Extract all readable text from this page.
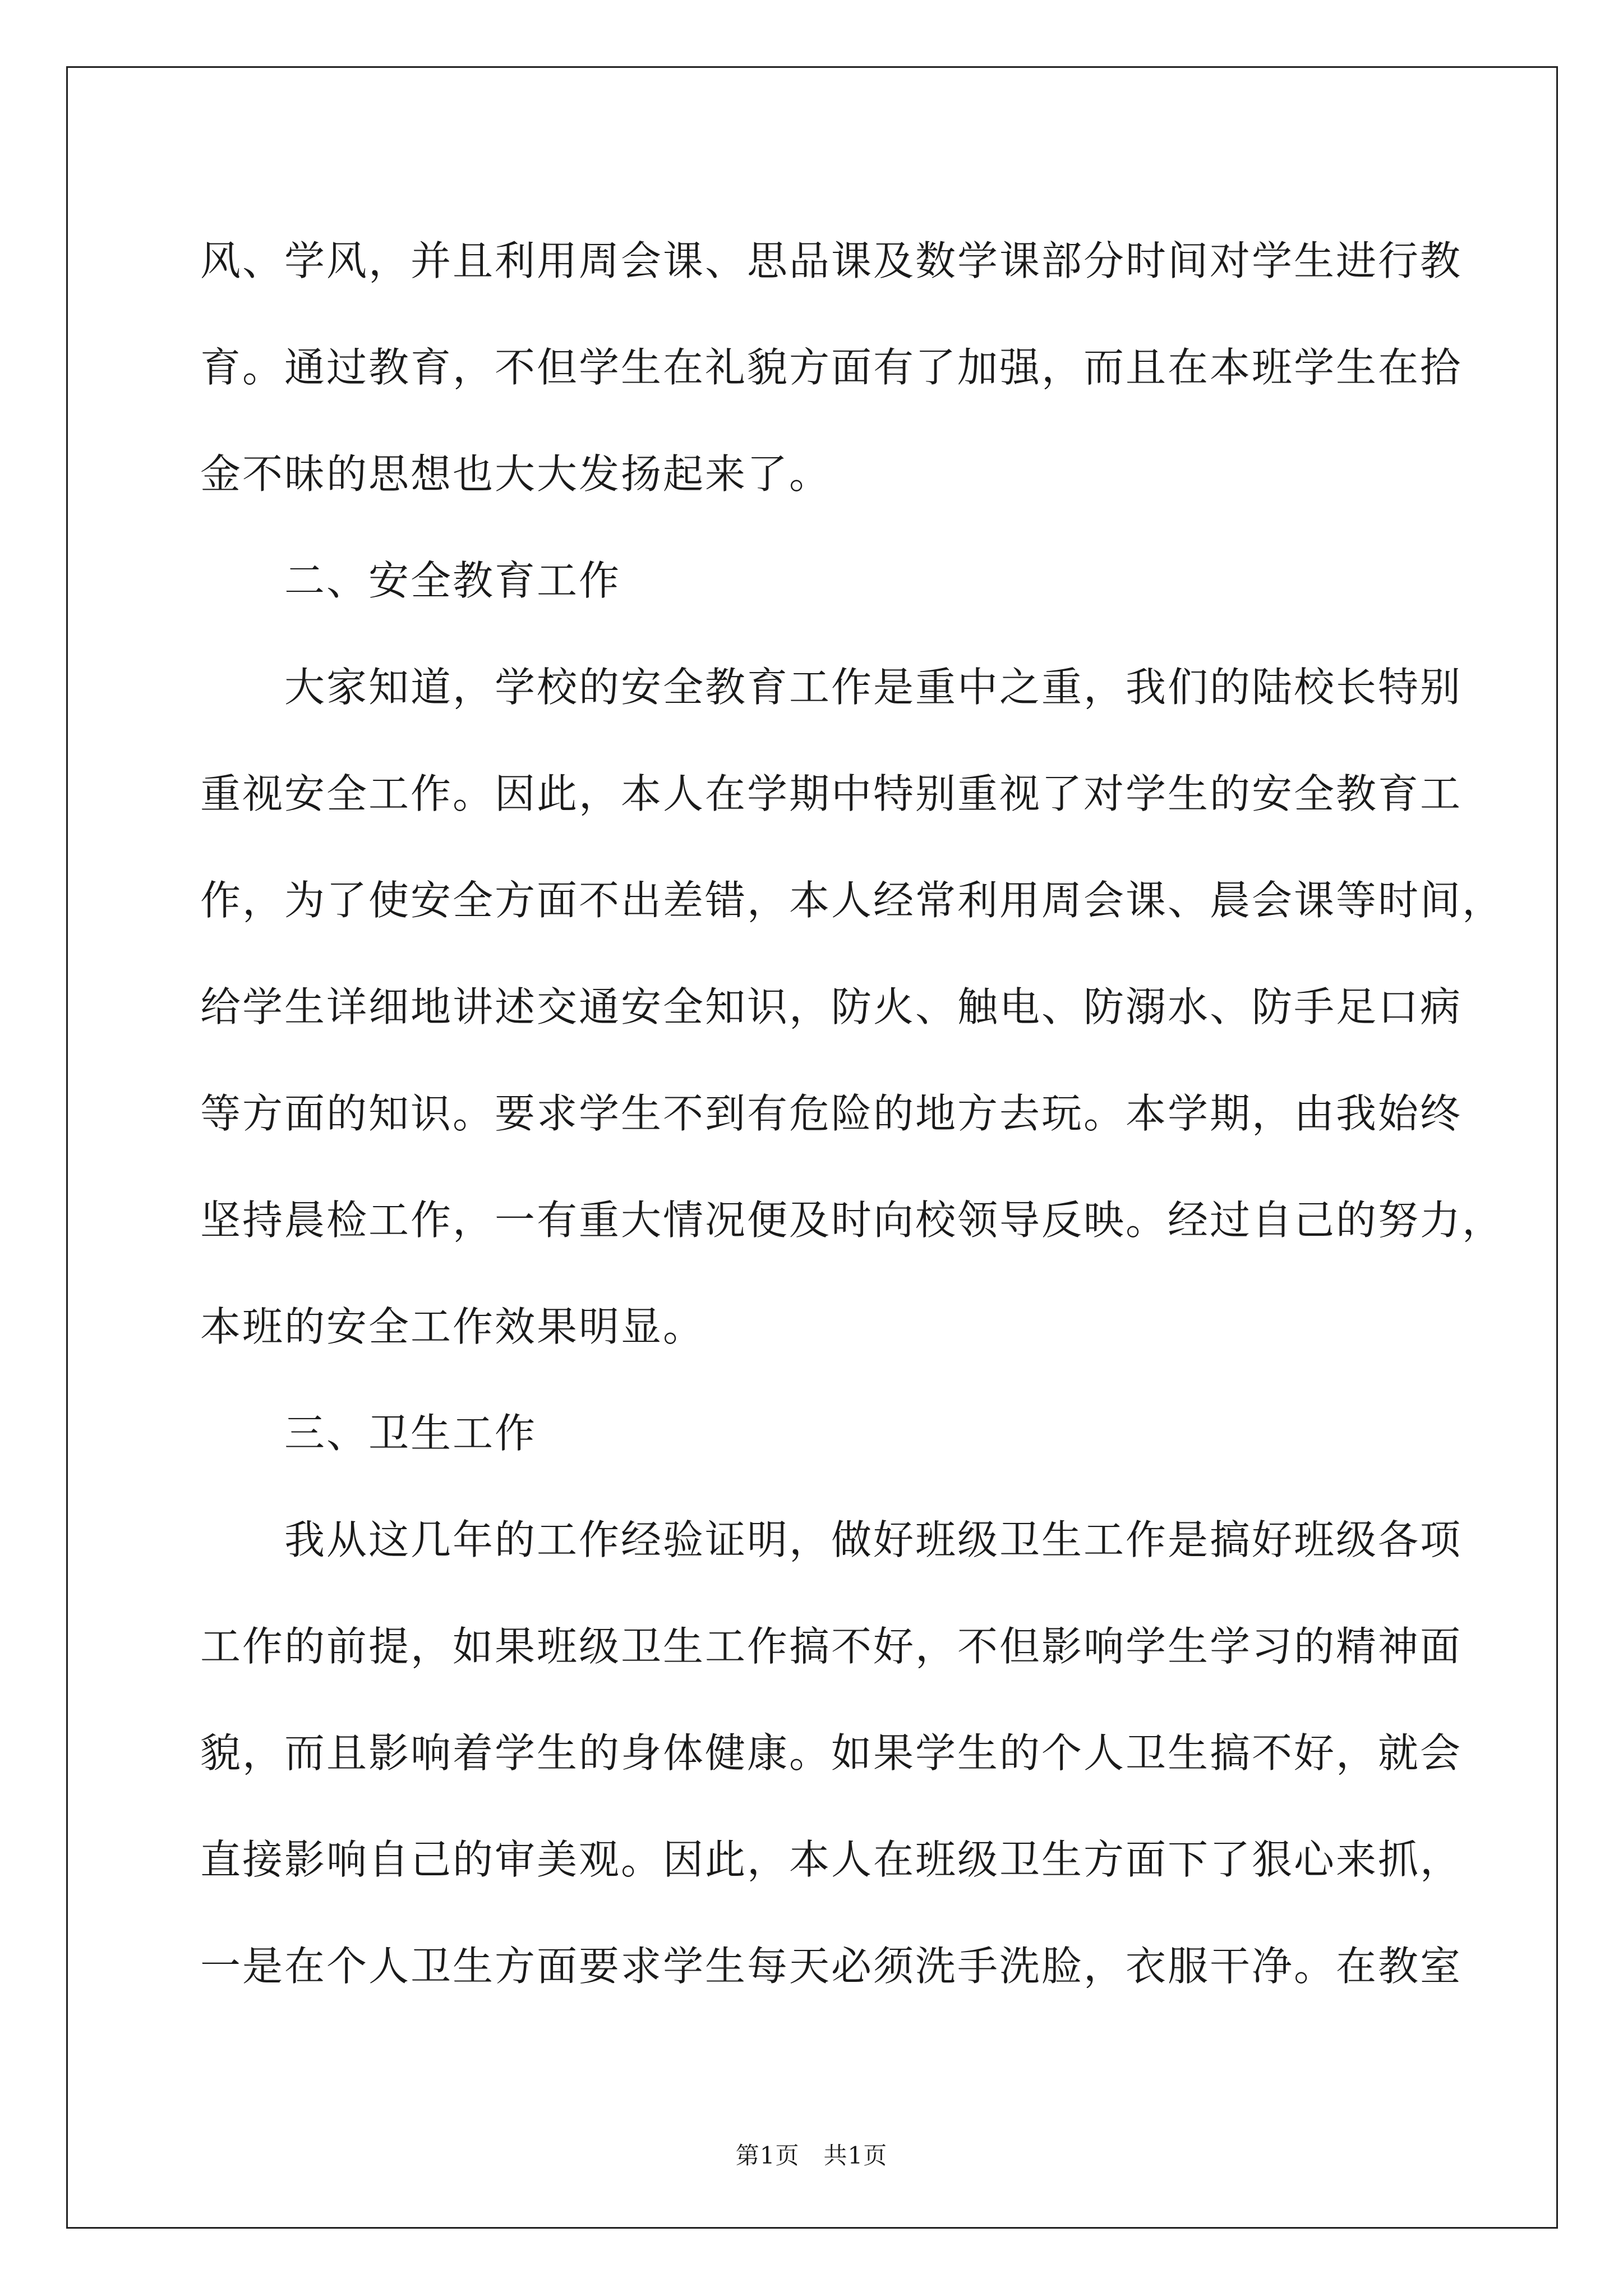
风、学风，并且利用周会课、思品课及数学课部分时间对学生进行教
育。通过教育，不但学生在礼貌方面有了加强，而且在本班学生在拾
金不昧的思想也大大发扬起来了。
二、安全教育工作
大家知道，学校的安全教育工作是重中之重，我们的陆校长特别
重视安全工作。因此，本人在学期中特别重视了对学生的安全教育工
作，为了使安全方面不出差错，本人经常利用周会课、晨会课等时间，
给学生详细地讲述交通安全知识，防火、触电、防溺水、防手足口病
等方面的知识。要求学生不到有危险的地方去玩。本学期，由我始终
坚持晨检工作，一有重大情况便及时向校领导反映。经过自己的努力，
本班的安全工作效果明显。
三、卫生工作
我从这几年的工作经验证明，做好班级卫生工作是搞好班级各项
工作的前提，如果班级卫生工作搞不好，不但影响学生学习的精神面
貌，而且影响着学生的身体健康。如果学生的个人卫生搞不好，就会
直接影响自己的审美观。因此，本人在班级卫生方面下了狠心来抓，
一是在个人卫生方面要求学生每天必须洗手洗脸，衣服干净。在教室
第1页   共1页
